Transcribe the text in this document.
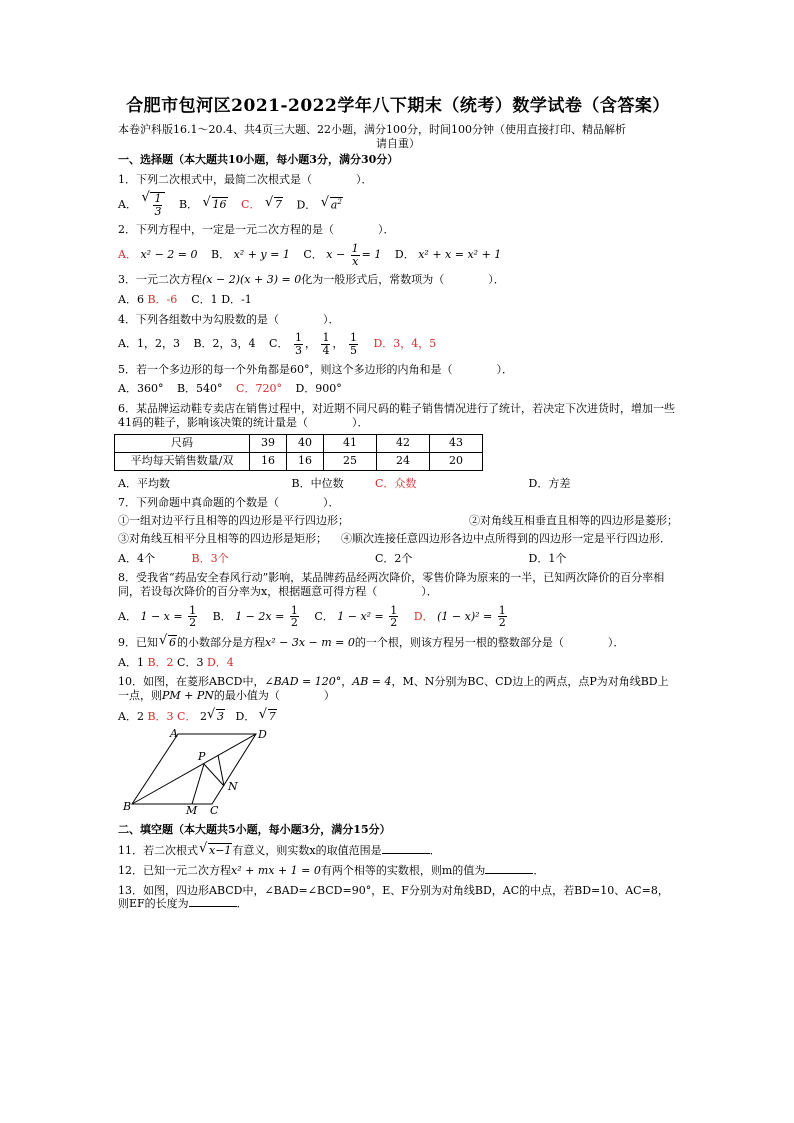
合肥市包河区2021-2022学年八下期末（统考）数学试卷（含答案）
本卷沪科版16.1～20.4、共4页三大题、22小题，满分100分，时间100分钟（使用直接打印、精品解析
请自重）
一、选择题（本大题共10小题，每小题3分，满分30分）
1．下列二次根式中，最简二次根式是（　　　　）．
A． √ $\frac{1}{3}$ B． √ 16 C． √ 7 D． √ $a^2$
2．下列方程中，一定是一元二次方程的是（　　　　）．
A． x² − 2 = 0 B． x² + y = 1 C． $x - \frac{1}{x} = 1$ D． x² + x = x² + 1
3．一元二次方程(x − 2)(x + 3) = 0化为一般形式后，常数项为（　　　　）．
A．6 B．-6 C．1 D．-1
4．下列各组数中为勾股数的是（　　　　）．
A．1，2，3 B．2，3，4 C． $\frac{1}{3}$ ， $\frac{1}{4}$ ， $\frac{1}{5}$ D．3，4，5
5．若一个多边形的每一个外角都是60°，则这个多边形的内角和是（　　　　）．
A．360° B．540° C．720° D．900°
6．某品牌运动鞋专卖店在销售过程中，对近期不同尺码的鞋子销售情况进行了统计，若决定下次进货时，增加一些41码的鞋子，影响该决策的统计量是（　　　　）．
尺码	39	40	41	42	43
平均每天销售数量/双	16	16	25	24	20
A．平均数	B．中位数	C．众数	D．方差
7．下列命题中真命题的个数是（　　　　）．
①一组对边平行且相等的四边形是平行四边形；	②对角线互相垂直且相等的四边形是菱形；
③对角线互相平分且相等的四边形是矩形； ④顺次连接任意四边形各边中点所得到的四边形一定是平行四边形．
A．4个	B．3个	C．2个	D．1个
8．受我省“药品安全春风行动”影响，某品牌药品经两次降价，零售价降为原来的一半，已知两次降价的百分率相同，若设每次降价的百分率为x，根据题意可得方程（　　　　）．
A． $1 - x = \frac{1}{2}$ B． $1 - 2x = \frac{1}{2}$ C． $1 - x^2 = \frac{1}{2}$ D． $(1 - x)^2 = \frac{1}{2}$
9．已知 √ 6的小数部分是方程x² − 3x − m = 0的一个根，则该方程另一根的整数部分是（　　　　）．
A．1 B．2 C．3 D．4
10．如图，在菱形ABCD中，∠BAD = 120°，AB = 4，M、N分别为BC、CD边上的两点，点P为对角线BD上一点，则PM + PN的最小值为（　　　　）
A．2 B．3 C． 2 √ 3 D． √ 7
A	D
B	M C
N
P
二、填空题（本大题共5小题，每小题3分，满分15分）
11．若二次根式 √ x−1有意义，则实数x的取值范围是	．
12．已知一元二次方程x² + mx + 1 = 0有两个相等的实数根，则m的值为	．
13．如图，四边形ABCD中，∠BAD=∠BCD=90°，E、F分别为对角线BD，AC的中点，若BD=10、AC=8，则EF的长度为	．
